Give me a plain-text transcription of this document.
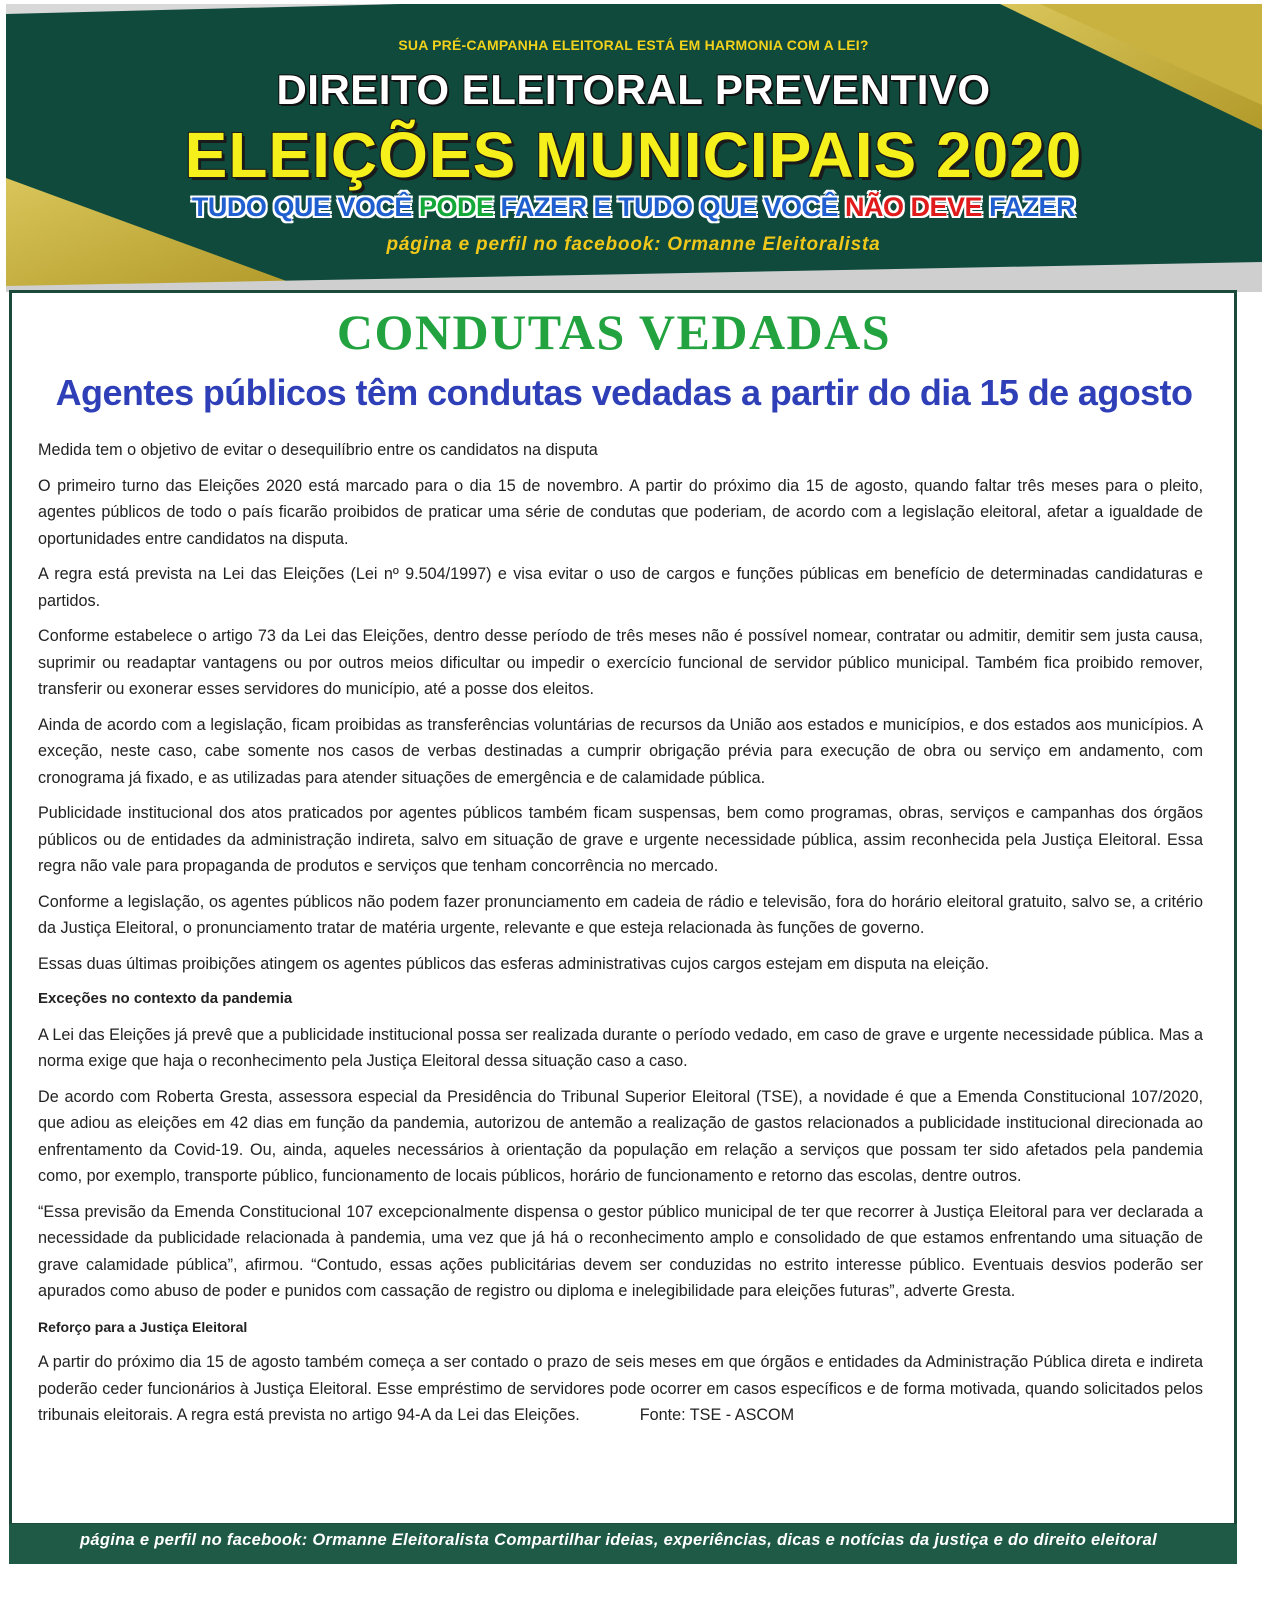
SUA PRÉ-CAMPANHA ELEITORAL ESTÁ EM HARMONIA COM A LEI?
DIREITO ELEITORAL PREVENTIVO
ELEIÇÕES MUNICIPAIS 2020
TUDO QUE VOCÊ PODE FAZER E TUDO QUE VOCÊ NÃO DEVE FAZER
página e perfil no facebook: Ormanne Eleitoralista
CONDUTAS VEDADAS
Agentes públicos têm condutas vedadas a partir do dia 15 de agosto

Medida tem o objetivo de evitar o desequilíbrio entre os candidatos na disputa

O primeiro turno das Eleições 2020 está marcado para o dia 15 de novembro. A partir do próximo dia 15 de agosto, quando faltar três meses para o pleito, agentes públicos de todo o país ficarão proibidos de praticar uma série de condutas que poderiam, de acordo com a legislação eleitoral, afetar a igualdade de oportunidades entre candidatos na disputa.

A regra está prevista na Lei das Eleições (Lei nº 9.504/1997) e visa evitar o uso de cargos e funções públicas em benefício de determinadas candidaturas e partidos.

Conforme estabelece o artigo 73 da Lei das Eleições, dentro desse período de três meses não é possível nomear, contratar ou admitir, demitir sem justa causa, suprimir ou readaptar vantagens ou por outros meios dificultar ou impedir o exercício funcional de servidor público municipal. Também fica proibido remover, transferir ou exonerar esses servidores do município, até a posse dos eleitos.

Ainda de acordo com a legislação, ficam proibidas as transferências voluntárias de recursos da União aos estados e municípios, e dos estados aos municípios. A exceção, neste caso, cabe somente nos casos de verbas destinadas a cumprir obrigação prévia para execução de obra ou serviço em andamento, com cronograma já fixado, e as utilizadas para atender situações de emergência e de calamidade pública.

Publicidade institucional dos atos praticados por agentes públicos também ficam suspensas, bem como programas, obras, serviços e campanhas dos órgãos públicos ou de entidades da administração indireta, salvo em situação de grave e urgente necessidade pública, assim reconhecida pela Justiça Eleitoral. Essa regra não vale para propaganda de produtos e serviços que tenham concorrência no mercado.

Conforme a legislação, os agentes públicos não podem fazer pronunciamento em cadeia de rádio e televisão, fora do horário eleitoral gratuito, salvo se, a critério da Justiça Eleitoral, o pronunciamento tratar de matéria urgente, relevante e que esteja relacionada às funções de governo.

Essas duas últimas proibições atingem os agentes públicos das esferas administrativas cujos cargos estejam em disputa na eleição.

Exceções no contexto da pandemia

A Lei das Eleições já prevê que a publicidade institucional possa ser realizada durante o período vedado, em caso de grave e urgente necessidade pública. Mas a norma exige que haja o reconhecimento pela Justiça Eleitoral dessa situação caso a caso.

De acordo com Roberta Gresta, assessora especial da Presidência do Tribunal Superior Eleitoral (TSE), a novidade é que a Emenda Constitucional 107/2020, que adiou as eleições em 42 dias em função da pandemia, autorizou de antemão a realização de gastos relacionados a publicidade institucional direcionada ao enfrentamento da Covid-19. Ou, ainda, aqueles necessários à orientação da população em relação a serviços que possam ter sido afetados pela pandemia como, por exemplo, transporte público, funcionamento de locais públicos, horário de funcionamento e retorno das escolas, dentre outros.

“Essa previsão da Emenda Constitucional 107 excepcionalmente dispensa o gestor público municipal de ter que recorrer à Justiça Eleitoral para ver declarada a necessidade da publicidade relacionada à pandemia, uma vez que já há o reconhecimento amplo e consolidado de que estamos enfrentando uma situação de grave calamidade pública”, afirmou. “Contudo, essas ações publicitárias devem ser conduzidas no estrito interesse público. Eventuais desvios poderão ser apurados como abuso de poder e punidos com cassação de registro ou diploma e inelegibilidade para eleições futuras”, adverte Gresta.

Reforço para a Justiça Eleitoral

A partir do próximo dia 15 de agosto também começa a ser contado o prazo de seis meses em que órgãos e entidades da Administração Pública direta e indireta poderão ceder funcionários à Justiça Eleitoral. Esse empréstimo de servidores pode ocorrer em casos específicos e de forma motivada, quando solicitados pelos tribunais eleitorais. A regra está prevista no artigo 94-A da Lei das Eleições.	Fonte: TSE - ASCOM

página e perfil no facebook: Ormanne Eleitoralista Compartilhar ideias, experiências, dicas e notícias da justiça e do direito eleitoral
